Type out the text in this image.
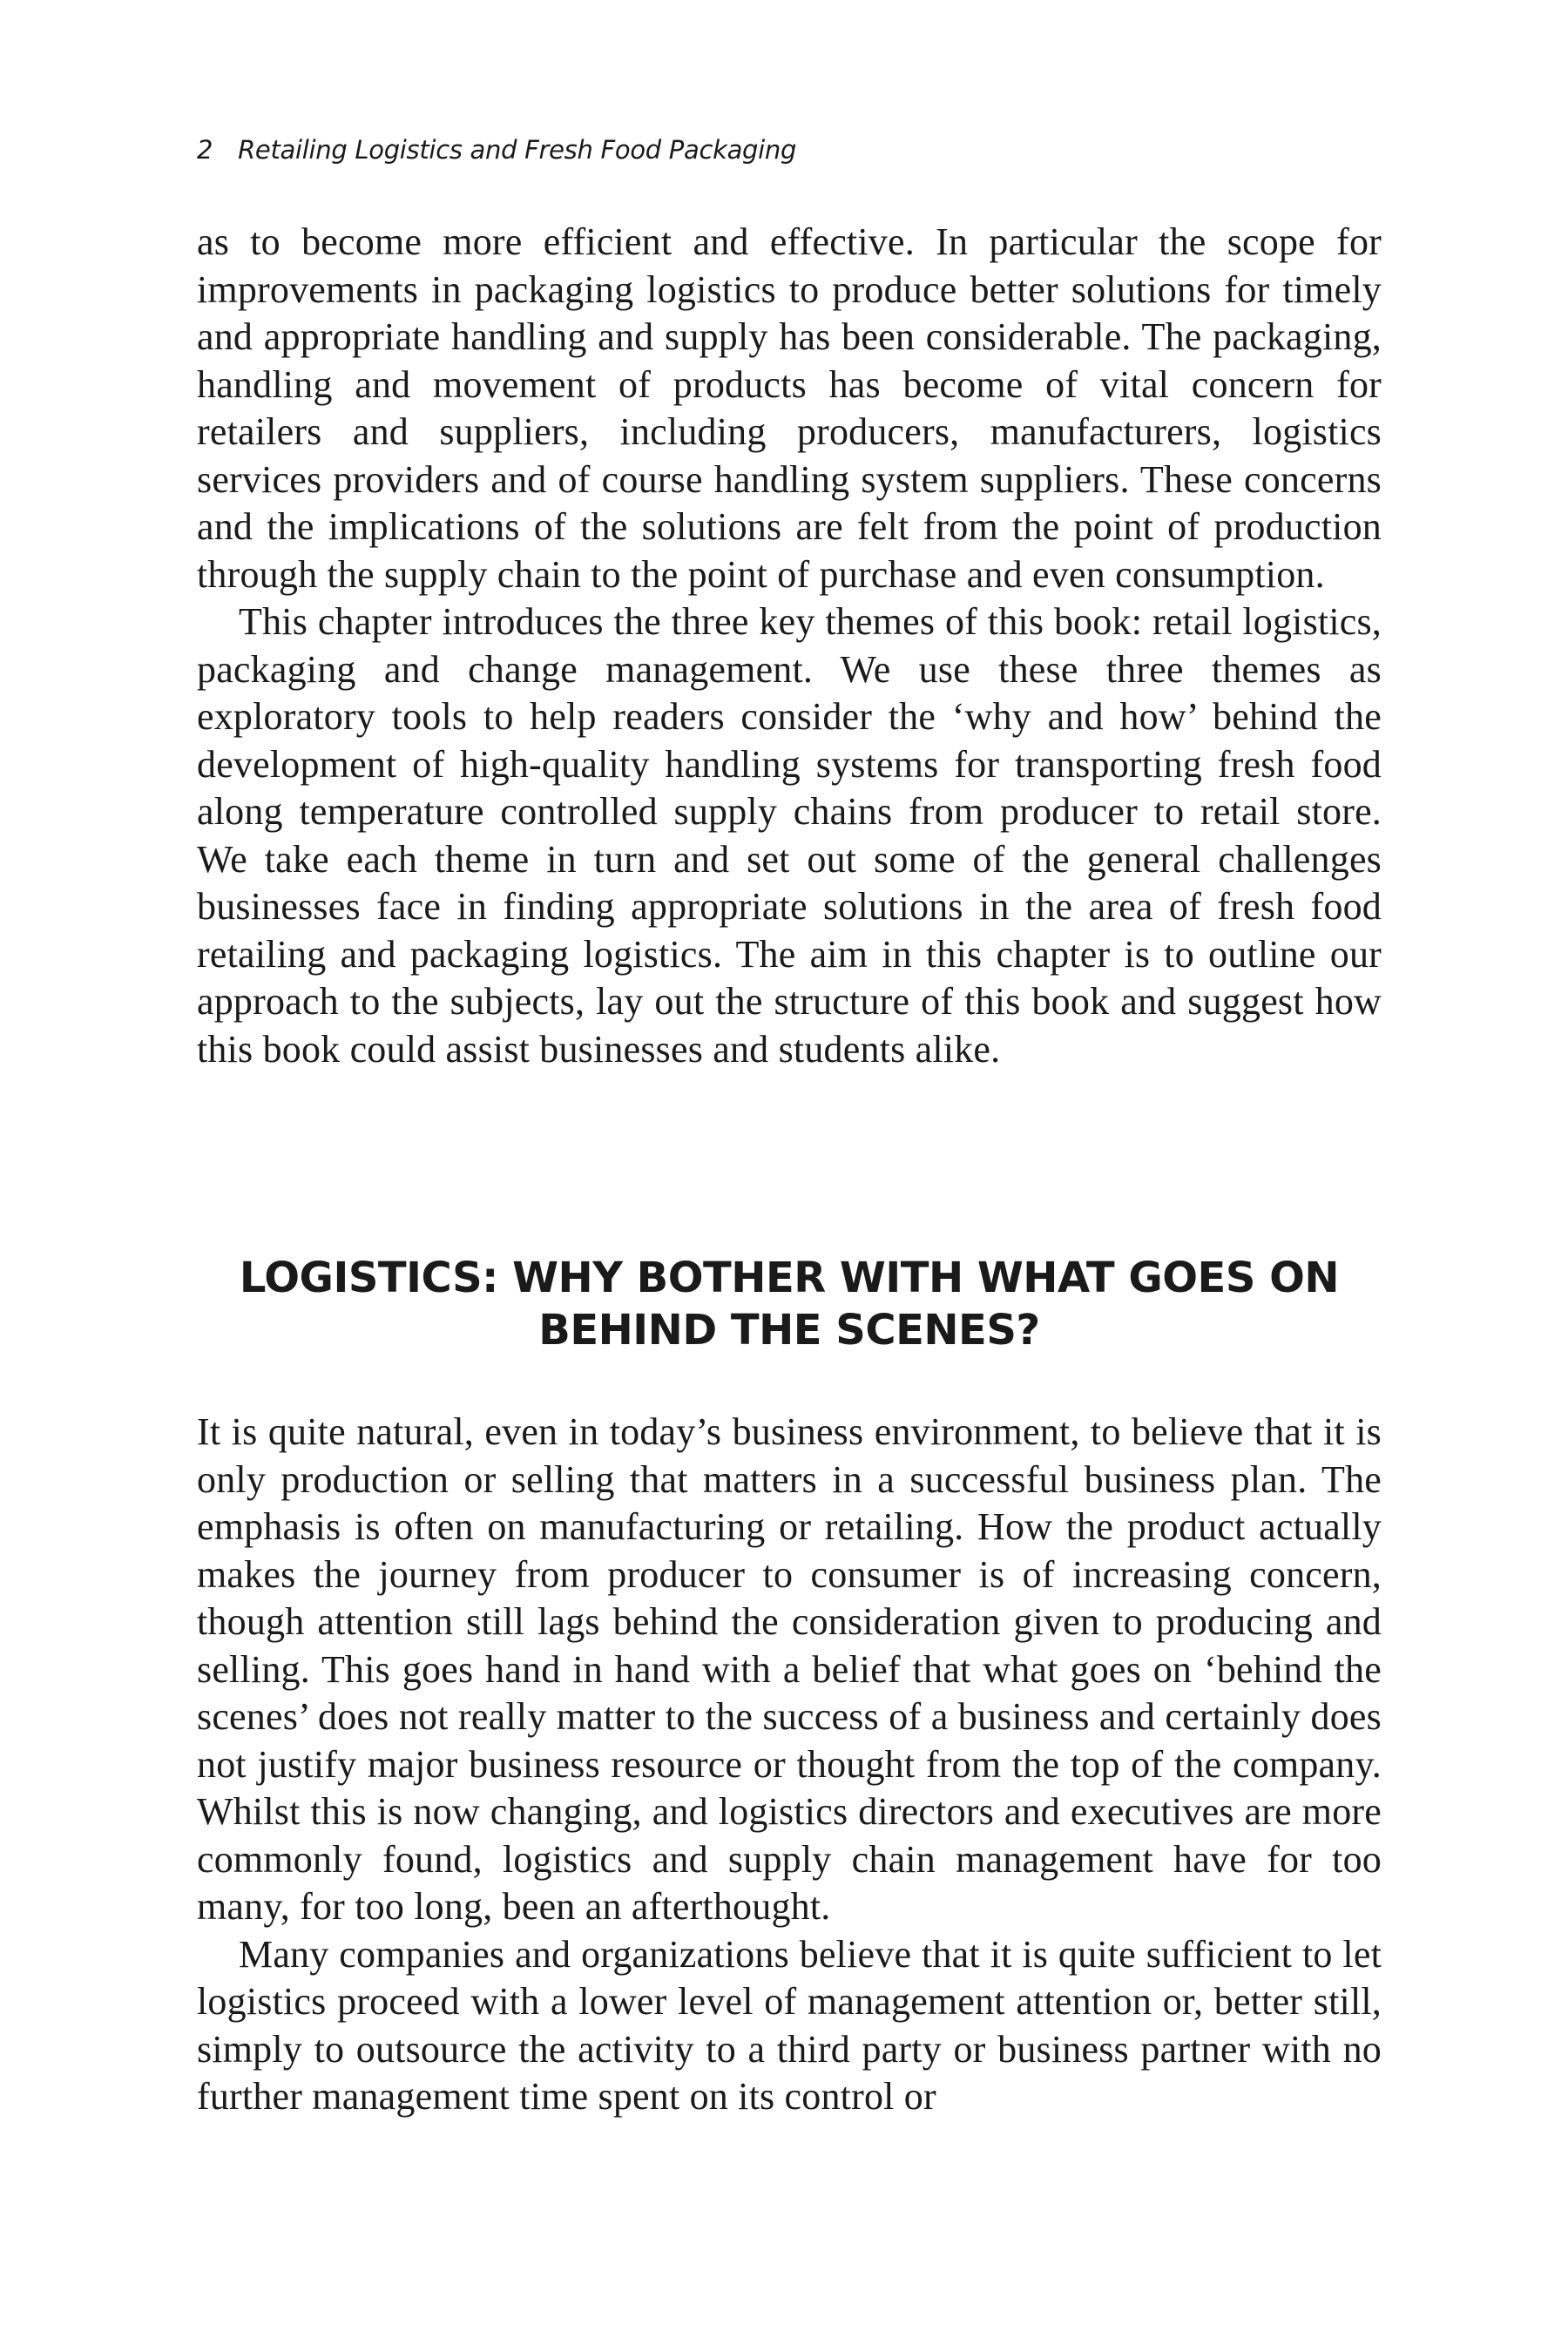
2 Retailing Logistics and Fresh Food Packaging

as to become more efficient and effective. In particular the scope for improvements in packaging logistics to produce better solutions for timely and appropriate handling and supply has been considerable. The packaging, handling and movement of products has become of vital concern for retailers and suppliers, including producers, manufacturers, logistics services providers and of course handling system suppliers. These concerns and the implications of the solutions are felt from the point of production through the supply chain to the point of purchase and even consumption.

This chapter introduces the three key themes of this book: retail logistics, packaging and change management. We use these three themes as exploratory tools to help readers consider the ‘why and how’ behind the development of high-quality handling systems for transporting fresh food along temperature controlled supply chains from producer to retail store. We take each theme in turn and set out some of the general challenges businesses face in finding appropriate solutions in the area of fresh food retailing and packaging logistics. The aim in this chapter is to outline our approach to the subjects, lay out the structure of this book and suggest how this book could assist businesses and students alike.

LOGISTICS: WHY BOTHER WITH WHAT GOES ON
BEHIND THE SCENES?

It is quite natural, even in today’s business environment, to believe that it is only production or selling that matters in a successful business plan. The emphasis is often on manufacturing or retailing. How the product actually makes the journey from producer to consumer is of increasing concern, though attention still lags behind the consideration given to producing and selling. This goes hand in hand with a belief that what goes on ‘behind the scenes’ does not really matter to the success of a business and certainly does not justify major business resource or thought from the top of the company. Whilst this is now changing, and logistics directors and executives are more commonly found, logistics and supply chain management have for too many, for too long, been an afterthought.

Many companies and organizations believe that it is quite sufficient to let logistics proceed with a lower level of management attention or, better still, simply to outsource the activity to a third party or business partner with no further management time spent on its control or
